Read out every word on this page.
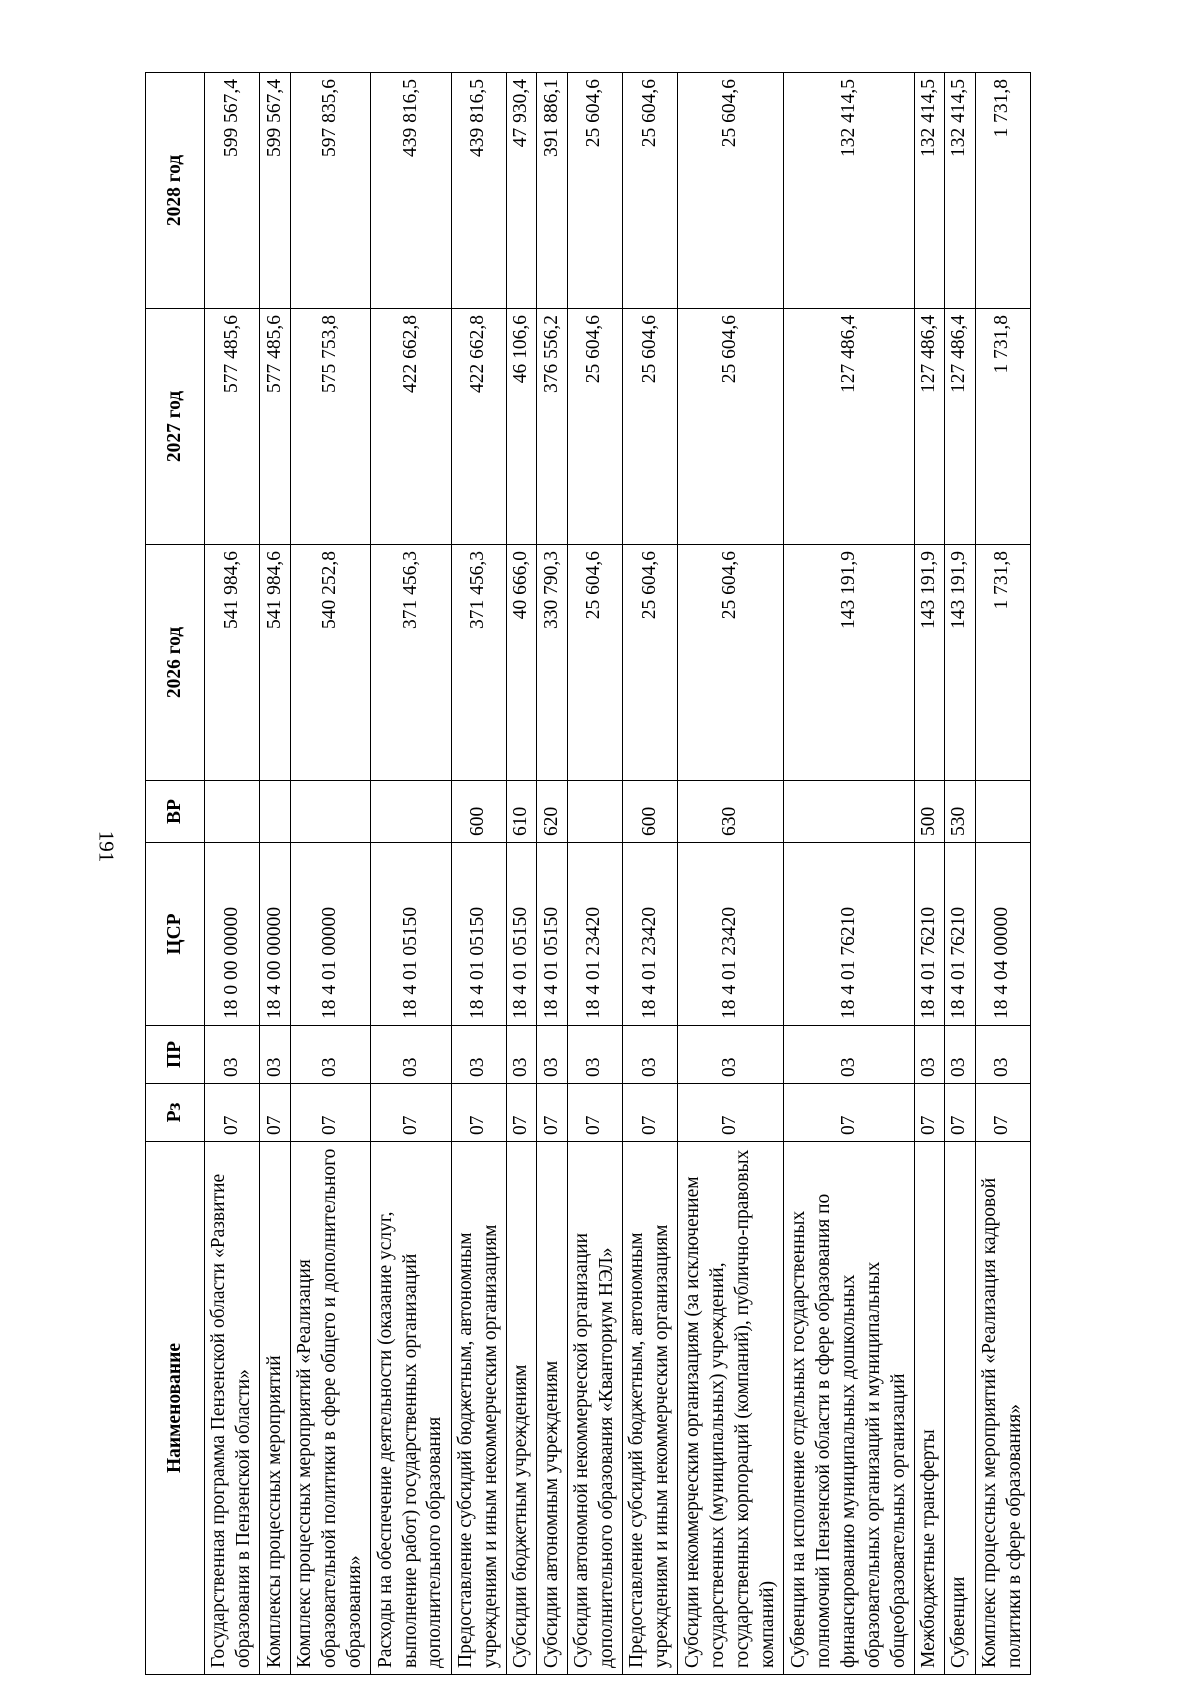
191
Наименование	Рз	ПР	ЦСР	ВР	2026 год	2027 год	2028 год
Государственная программа Пензенской области «Развитие образования в Пензенской области»	07	03	18 0 00 00000		541 984,6	577 485,6	599 567,4
Комплексы процессных мероприятий	07	03	18 4 00 00000		541 984,6	577 485,6	599 567,4
Комплекс процессных мероприятий «Реализация образовательной политики в сфере общего и дополнительного образования»	07	03	18 4 01 00000		540 252,8	575 753,8	597 835,6
Расходы на обеспечение деятельности (оказание услуг, выполнение работ) государственных организаций дополнительного образования	07	03	18 4 01 05150		371 456,3	422 662,8	439 816,5
Предоставление субсидий бюджетным, автономным учреждениям и иным некоммерческим организациям	07	03	18 4 01 05150	600	371 456,3	422 662,8	439 816,5
Субсидии бюджетным учреждениям	07	03	18 4 01 05150	610	40 666,0	46 106,6	47 930,4
Субсидии автономным учреждениям	07	03	18 4 01 05150	620	330 790,3	376 556,2	391 886,1
Субсидии автономной некоммерческой организации дополнительного образования «Кванториум НЭЛ»	07	03	18 4 01 23420		25 604,6	25 604,6	25 604,6
Предоставление субсидий бюджетным, автономным учреждениям и иным некоммерческим организациям	07	03	18 4 01 23420	600	25 604,6	25 604,6	25 604,6
Субсидии некоммерческим организациям (за исключением государственных (муниципальных) учреждений, государственных корпораций (компаний), публично-правовых компаний)	07	03	18 4 01 23420	630	25 604,6	25 604,6	25 604,6
Субвенции на исполнение отдельных государственных полномочий Пензенской области в сфере образования по финансированию муниципальных дошкольных образовательных организаций и муниципальных общеобразовательных организаций	07	03	18 4 01 76210		143 191,9	127 486,4	132 414,5
Межбюджетные трансферты	07	03	18 4 01 76210	500	143 191,9	127 486,4	132 414,5
Субвенции	07	03	18 4 01 76210	530	143 191,9	127 486,4	132 414,5
Комплекс процессных мероприятий «Реализация кадровой политики в сфере образования»	07	03	18 4 04 00000		1 731,8	1 731,8	1 731,8
